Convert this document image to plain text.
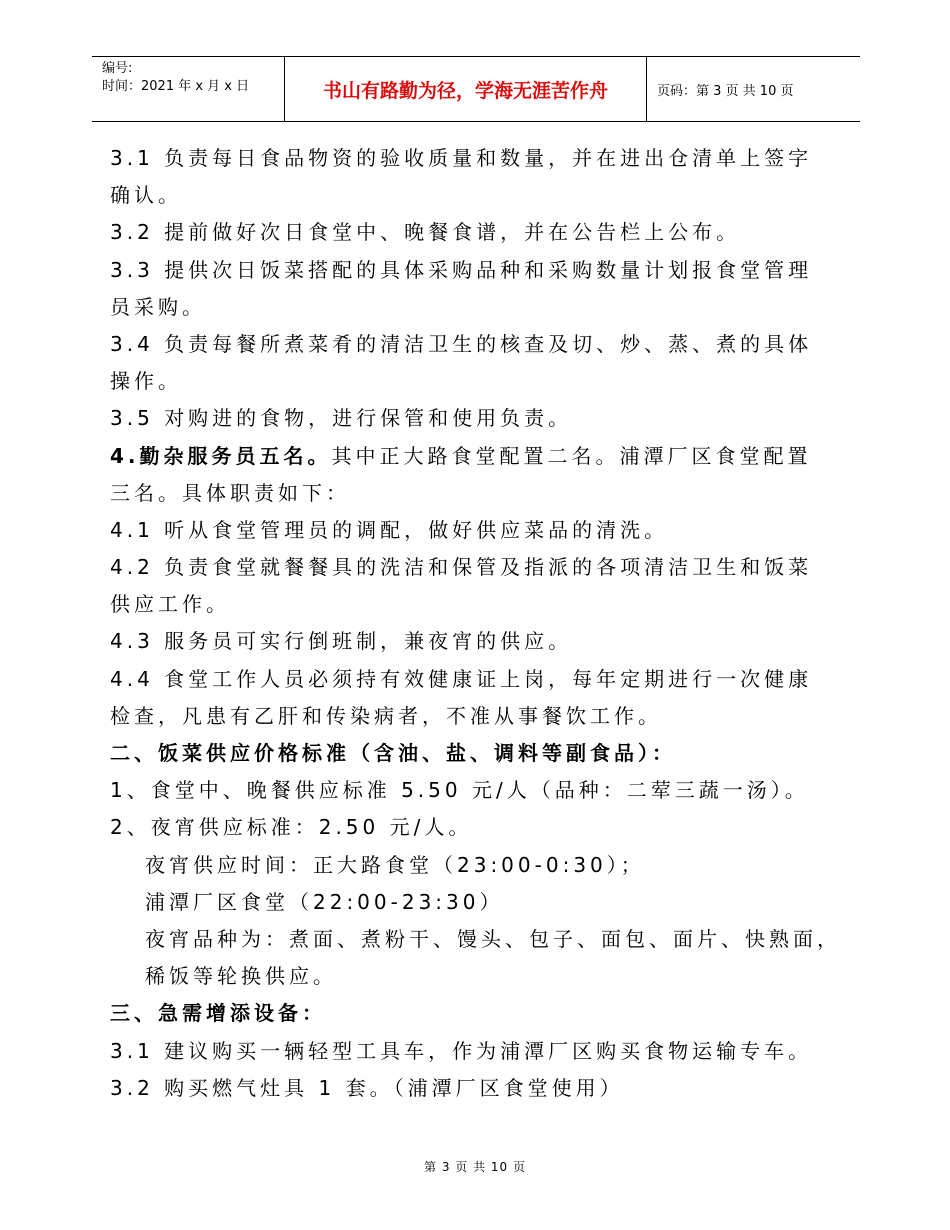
编号:
时间：2021 年 x 月 x 日	书山有路勤为径，学海无涯苦作舟	页码：第 3 页 共 10 页
3.1 负责每日食品物资的验收质量和数量，并在进出仓清单上签字
确认。
3.2 提前做好次日食堂中、晚餐食谱，并在公告栏上公布。
3.3 提供次日饭菜搭配的具体采购品种和采购数量计划报食堂管理
员采购。
3.4 负责每餐所煮菜肴的清洁卫生的核查及切、炒、蒸、煮的具体
操作。
3.5 对购进的食物，进行保管和使用负责。
4.勤杂服务员五名。其中正大路食堂配置二名。浦潭厂区食堂配置
三名。具体职责如下：
4.1 听从食堂管理员的调配，做好供应菜品的清洗。
4.2 负责食堂就餐餐具的洗洁和保管及指派的各项清洁卫生和饭菜
供应工作。
4.3 服务员可实行倒班制，兼夜宵的供应。
4.4 食堂工作人员必须持有效健康证上岗，每年定期进行一次健康
检查，凡患有乙肝和传染病者，不准从事餐饮工作。
二、饭菜供应价格标准（含油、盐、调料等副食品）：
1、食堂中、晚餐供应标准 5.50 元/人（品种：二荤三蔬一汤）。
2、夜宵供应标准：2.50 元/人。
夜宵供应时间：正大路食堂（23:00-0:30）；
浦潭厂区食堂（22:00-23:30）
夜宵品种为：煮面、煮粉干、馒头、包子、面包、面片、快熟面，
稀饭等轮换供应。
三、急需增添设备：
3.1 建议购买一辆轻型工具车，作为浦潭厂区购买食物运输专车。
3.2 购买燃气灶具 1 套。（浦潭厂区食堂使用）
第 3 页 共 10 页
